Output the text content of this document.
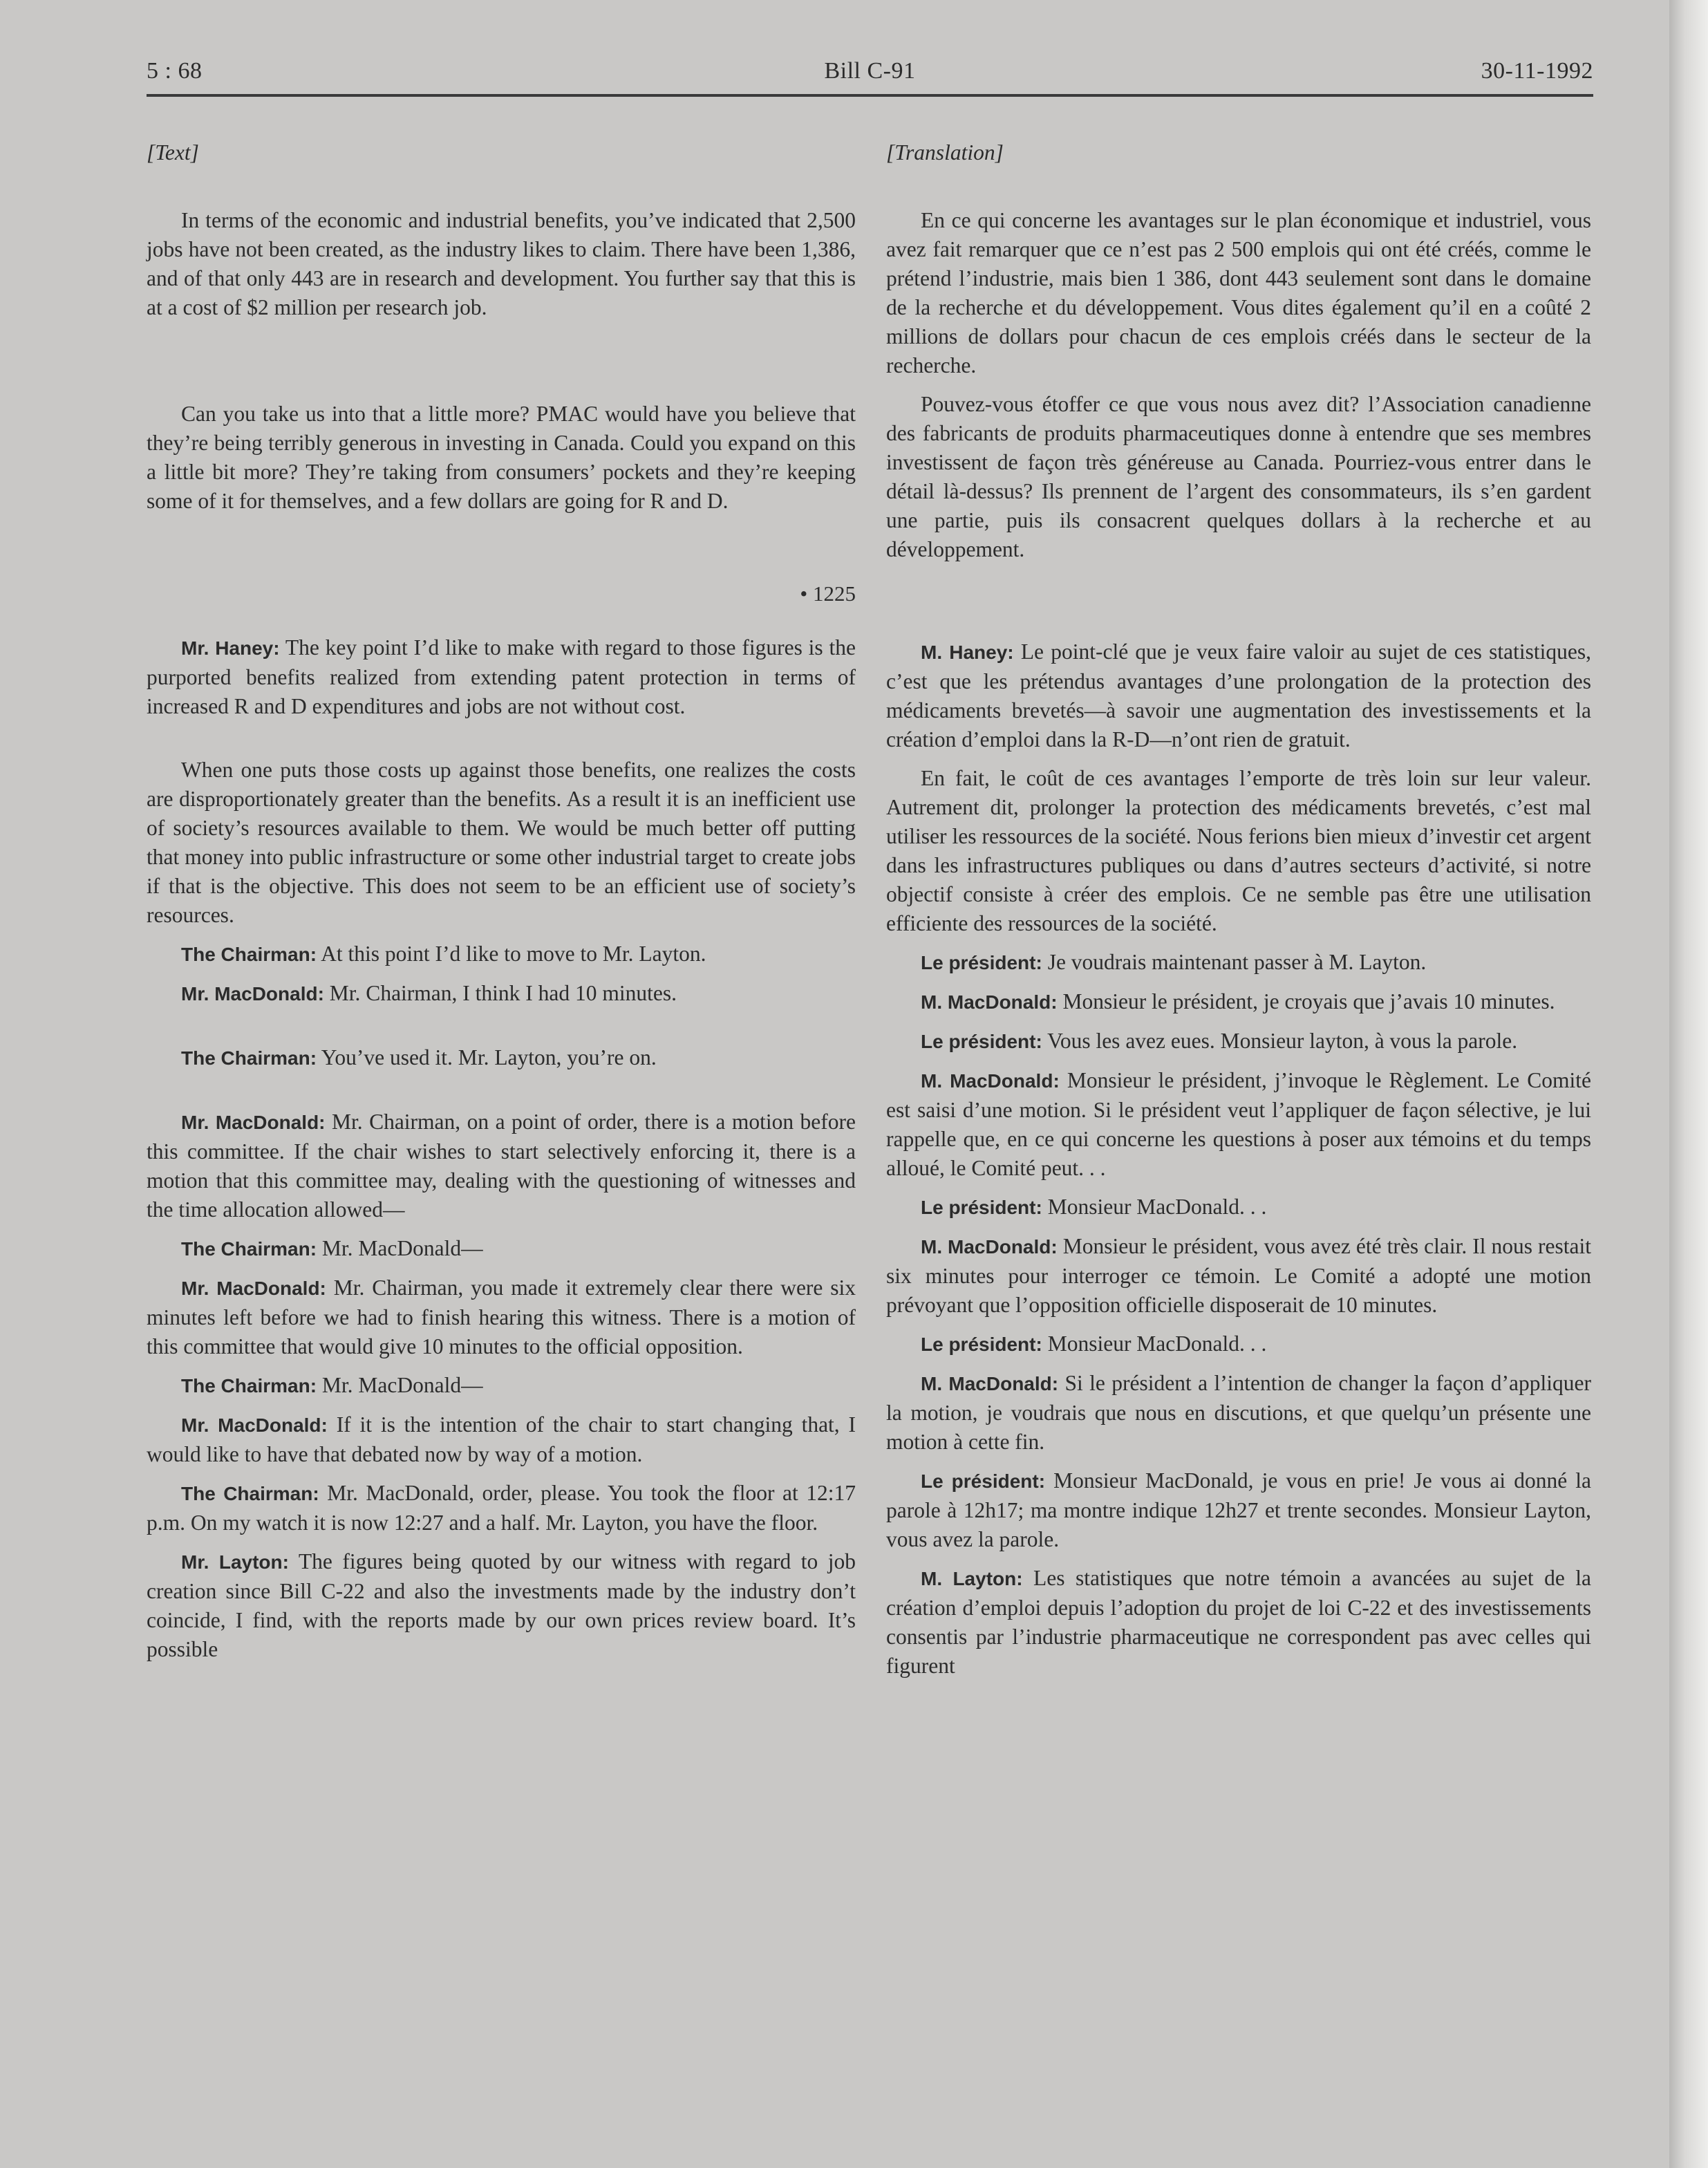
5 : 68	Bill C-91	30-11-1992
[Text]

In terms of the economic and industrial benefits, you’ve indicated that 2,500 jobs have not been created, as the industry likes to claim. There have been 1,386, and of that only 443 are in research and development. You further say that this is at a cost of $2 million per research job.

Can you take us into that a little more? PMAC would have you believe that they’re being terribly generous in investing in Canada. Could you expand on this a little bit more? They’re taking from consumers’ pockets and they’re keeping some of it for themselves, and a few dollars are going for R and D.

• 1225

Mr. Haney: The key point I’d like to make with regard to those figures is the purported benefits realized from extending patent protection in terms of increased R and D expenditures and jobs are not without cost.

When one puts those costs up against those benefits, one realizes the costs are disproportionately greater than the benefits. As a result it is an inefficient use of society’s resources available to them. We would be much better off putting that money into public infrastructure or some other industrial target to create jobs if that is the objective. This does not seem to be an efficient use of society’s resources.

The Chairman: At this point I’d like to move to Mr. Layton.

Mr. MacDonald: Mr. Chairman, I think I had 10 minutes.

The Chairman: You’ve used it. Mr. Layton, you’re on.

Mr. MacDonald: Mr. Chairman, on a point of order, there is a motion before this committee. If the chair wishes to start selectively enforcing it, there is a motion that this committee may, dealing with the questioning of witnesses and the time allocation allowed—

The Chairman: Mr. MacDonald—

Mr. MacDonald: Mr. Chairman, you made it extremely clear there were six minutes left before we had to finish hearing this witness. There is a motion of this committee that would give 10 minutes to the official opposition.

The Chairman: Mr. MacDonald—

Mr. MacDonald: If it is the intention of the chair to start changing that, I would like to have that debated now by way of a motion.

The Chairman: Mr. MacDonald, order, please. You took the floor at 12:17 p.m. On my watch it is now 12:27 and a half. Mr. Layton, you have the floor.

Mr. Layton: The figures being quoted by our witness with regard to job creation since Bill C-22 and also the investments made by the industry don’t coincide, I find, with the reports made by our own prices review board. It’s possible

[Translation]

En ce qui concerne les avantages sur le plan économique et industriel, vous avez fait remarquer que ce n’est pas 2 500 emplois qui ont été créés, comme le prétend l’industrie, mais bien 1 386, dont 443 seulement sont dans le domaine de la recherche et du développement. Vous dites également qu’il en a coûté 2 millions de dollars pour chacun de ces emplois créés dans le secteur de la recherche.

Pouvez-vous étoffer ce que vous nous avez dit? l’Association canadienne des fabricants de produits pharmaceutiques donne à entendre que ses membres investissent de façon très généreuse au Canada. Pourriez-vous entrer dans le détail là-dessus? Ils prennent de l’argent des consommateurs, ils s’en gardent une partie, puis ils consacrent quelques dollars à la recherche et au développement.

M. Haney: Le point-clé que je veux faire valoir au sujet de ces statistiques, c’est que les prétendus avantages d’une prolongation de la protection des médicaments brevetés—à savoir une augmentation des investissements et la création d’emploi dans la R-D—n’ont rien de gratuit.

En fait, le coût de ces avantages l’emporte de très loin sur leur valeur. Autrement dit, prolonger la protection des médicaments brevetés, c’est mal utiliser les ressources de la société. Nous ferions bien mieux d’investir cet argent dans les infrastructures publiques ou dans d’autres secteurs d’activité, si notre objectif consiste à créer des emplois. Ce ne semble pas être une utilisation efficiente des ressources de la société.

Le président: Je voudrais maintenant passer à M. Layton.

M. MacDonald: Monsieur le président, je croyais que j’avais 10 minutes.

Le président: Vous les avez eues. Monsieur layton, à vous la parole.

M. MacDonald: Monsieur le président, j’invoque le Règlement. Le Comité est saisi d’une motion. Si le président veut l’appliquer de façon sélective, je lui rappelle que, en ce qui concerne les questions à poser aux témoins et du temps alloué, le Comité peut. . .

Le président: Monsieur MacDonald. . .

M. MacDonald: Monsieur le président, vous avez été très clair. Il nous restait six minutes pour interroger ce témoin. Le Comité a adopté une motion prévoyant que l’opposition officielle disposerait de 10 minutes.

Le président: Monsieur MacDonald. . .

M. MacDonald: Si le président a l’intention de changer la façon d’appliquer la motion, je voudrais que nous en discutions, et que quelqu’un présente une motion à cette fin.

Le président: Monsieur MacDonald, je vous en prie! Je vous ai donné la parole à 12h17; ma montre indique 12h27 et trente secondes. Monsieur Layton, vous avez la parole.

M. Layton: Les statistiques que notre témoin a avancées au sujet de la création d’emploi depuis l’adoption du projet de loi C-22 et des investissements consentis par l’industrie pharmaceutique ne correspondent pas avec celles qui figurent
